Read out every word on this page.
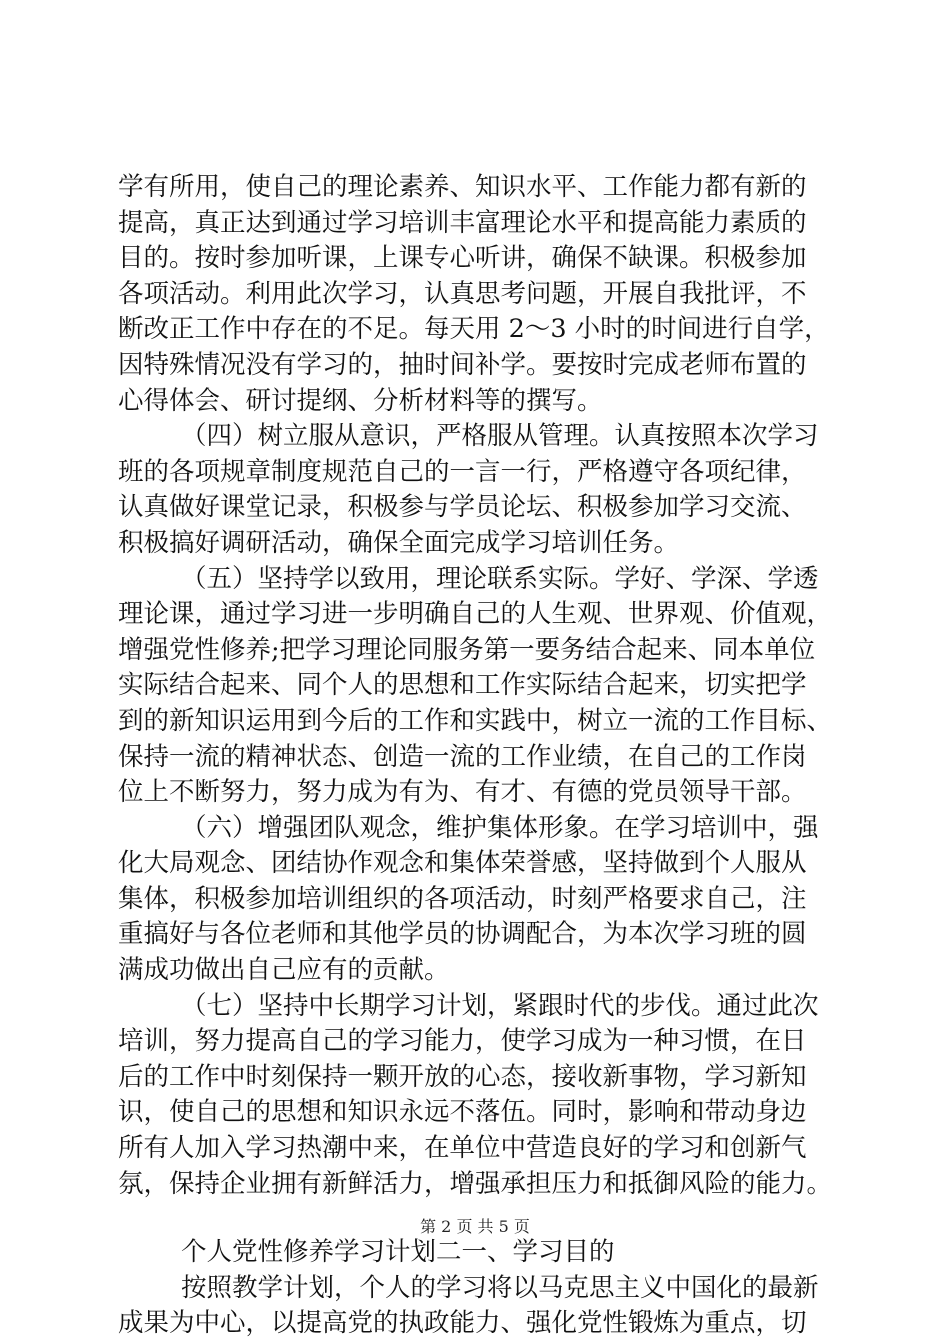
学有所用，使自己的理论素养、知识水平、工作能力都有新的
提高，真正达到通过学习培训丰富理论水平和提高能力素质的
目的。按时参加听课，上课专心听讲，确保不缺课。积极参加
各项活动。利用此次学习，认真思考问题，开展自我批评，不
断改正工作中存在的不足。每天用 2～3 小时的时间进行自学，
因特殊情况没有学习的，抽时间补学。要按时完成老师布置的
心得体会、研讨提纲、分析材料等的撰写。
（四）树立服从意识，严格服从管理。认真按照本次学习
班的各项规章制度规范自己的一言一行，严格遵守各项纪律，
认真做好课堂记录，积极参与学员论坛、积极参加学习交流、
积极搞好调研活动，确保全面完成学习培训任务。
（五）坚持学以致用，理论联系实际。学好、学深、学透
理论课，通过学习进一步明确自己的人生观、世界观、价值观，
增强党性修养;把学习理论同服务第一要务结合起来、同本单位
实际结合起来、同个人的思想和工作实际结合起来，切实把学
到的新知识运用到今后的工作和实践中，树立一流的工作目标、
保持一流的精神状态、创造一流的工作业绩，在自己的工作岗
位上不断努力，努力成为有为、有才、有德的党员领导干部。
（六）增强团队观念，维护集体形象。在学习培训中，强
化大局观念、团结协作观念和集体荣誉感，坚持做到个人服从
集体，积极参加培训组织的各项活动，时刻严格要求自己，注
重搞好与各位老师和其他学员的协调配合，为本次学习班的圆
满成功做出自己应有的贡献。
（七）坚持中长期学习计划，紧跟时代的步伐。通过此次
培训，努力提高自己的学习能力，使学习成为一种习惯，在日
后的工作中时刻保持一颗开放的心态，接收新事物，学习新知
识，使自己的思想和知识永远不落伍。同时，影响和带动身边
所有人加入学习热潮中来，在单位中营造良好的学习和创新气
氛，保持企业拥有新鲜活力，增强承担压力和抵御风险的能力。
个人党性修养学习计划二一、学习目的
按照教学计划，个人的学习将以马克思主义中国化的最新
成果为中心，以提高党的执政能力、强化党性锻炼为重点，切
第 2 页 共 5 页
